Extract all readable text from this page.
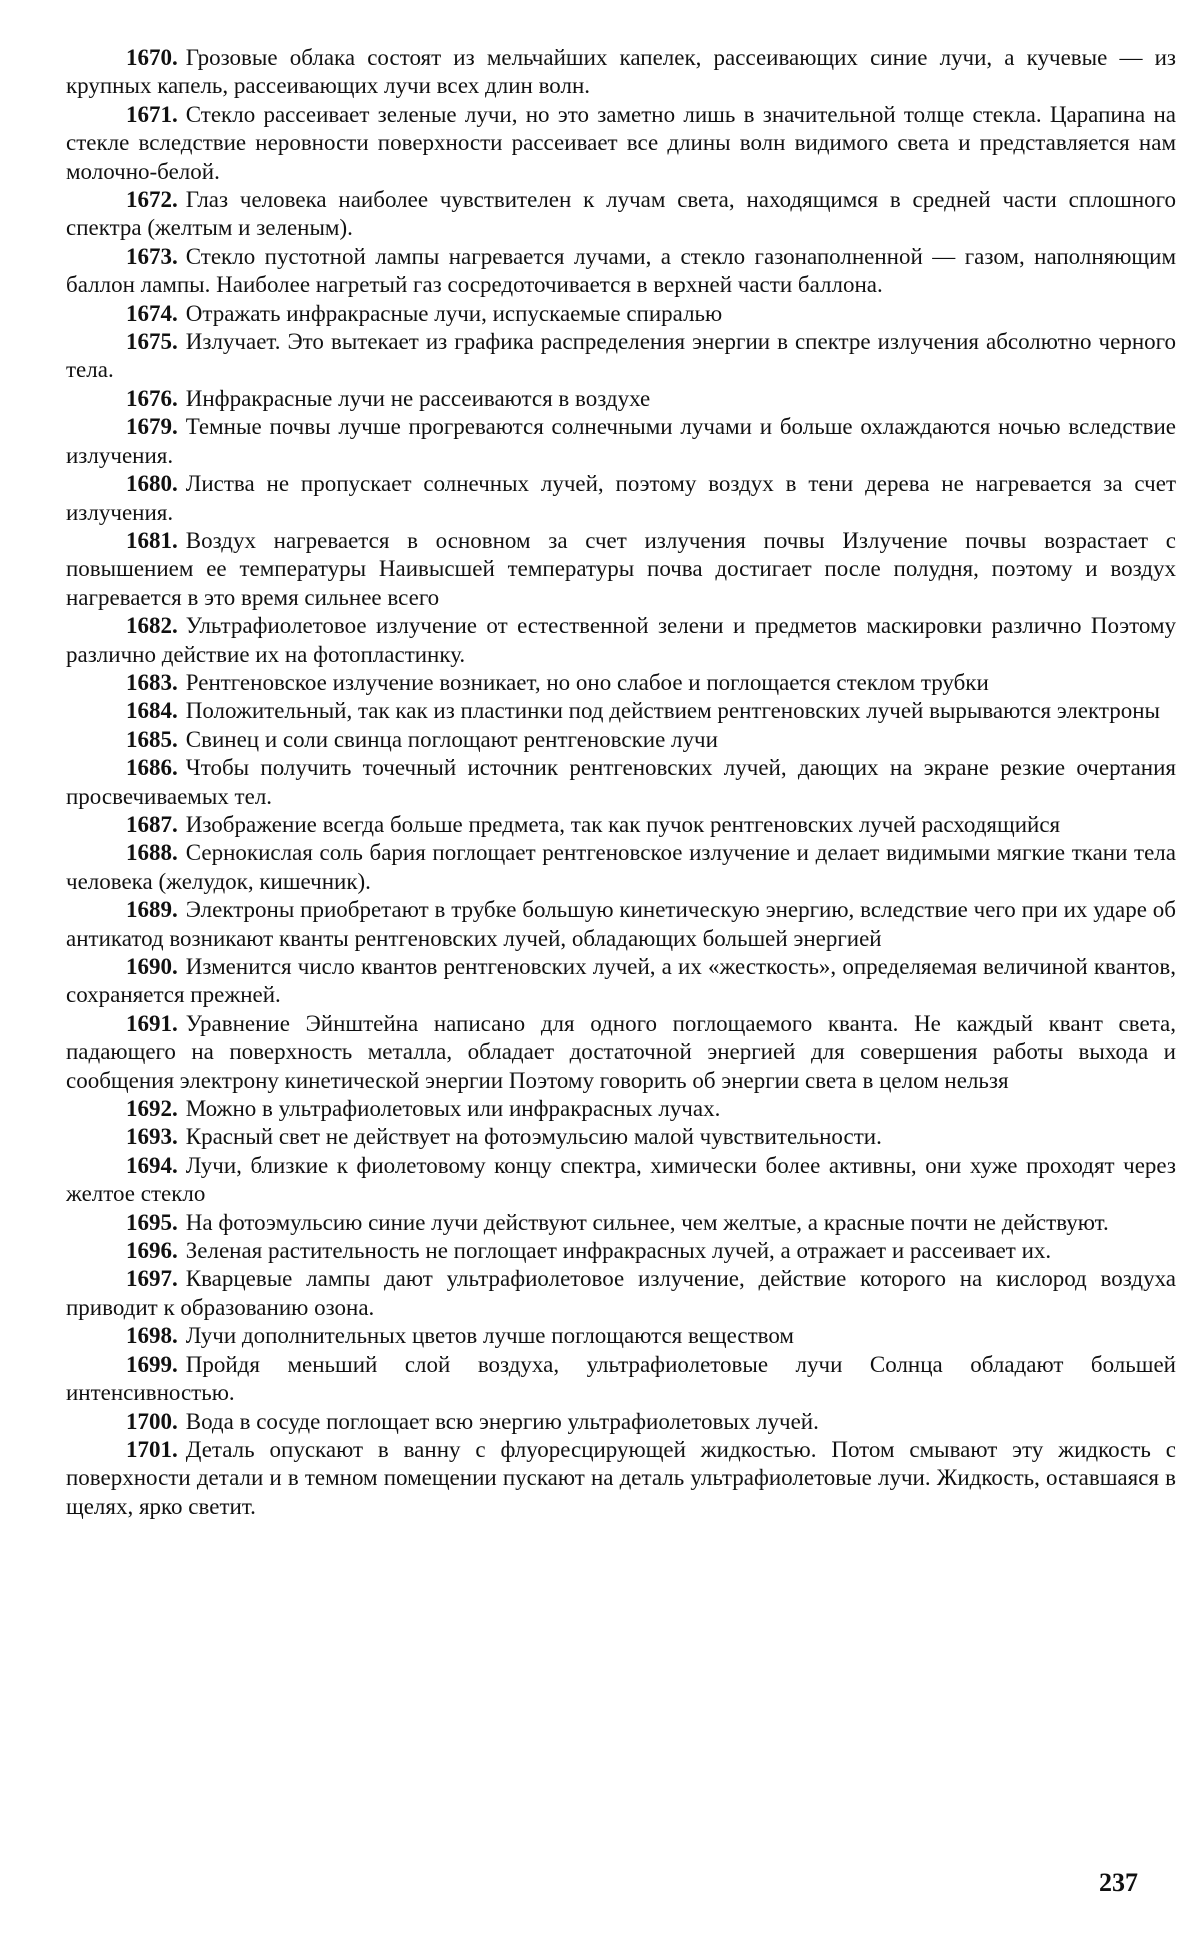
1670. Грозовые облака состоят из мельчайших капелек, рассеивающих синие лучи, а кучевые — из крупных капель, рассеивающих лучи всех длин волн.

1671. Стекло рассеивает зеленые лучи, но это заметно лишь в значительной толще стекла. Царапина на стекле вследствие неровности поверхности рассеивает все длины волн видимого света и представляется нам молочно-белой.

1672. Глаз человека наиболее чувствителен к лучам света, находящимся в средней части сплошного спектра (желтым и зеленым).

1673. Стекло пустотной лампы нагревается лучами, а стекло газонаполненной — газом, наполняющим баллон лампы. Наиболее нагретый газ сосредоточивается в верхней части баллона.

1674. Отражать инфракрасные лучи, испускаемые спиралью

1675. Излучает. Это вытекает из графика распределения энергии в спектре излучения абсолютно черного тела.

1676. Инфракрасные лучи не рассеиваются в воздухе

1679. Темные почвы лучше прогреваются солнечными лучами и больше охлаждаются ночью вследствие излучения.

1680. Листва не пропускает солнечных лучей, поэтому воздух в тени дерева не нагревается за счет излучения.

1681. Воздух нагревается в основном за счет излучения почвы Излучение почвы возрастает с повышением ее температуры Наивысшей температуры почва достигает после полудня, поэтому и воздух нагревается в это время сильнее всего

1682. Ультрафиолетовое излучение от естественной зелени и предметов маскировки различно Поэтому различно действие их на фотопластинку.

1683. Рентгеновское излучение возникает, но оно слабое и поглощается стеклом трубки

1684. Положительный, так как из пластинки под действием рентгеновских лучей вырываются электроны

1685. Свинец и соли свинца поглощают рентгеновские лучи

1686. Чтобы получить точечный источник рентгеновских лучей, дающих на экране резкие очертания просвечиваемых тел.

1687. Изображение всегда больше предмета, так как пучок рентгеновских лучей расходящийся

1688. Сернокислая соль бария поглощает рентгеновское излучение и делает видимыми мягкие ткани тела человека (желудок, кишечник).

1689. Электроны приобретают в трубке большую кинетическую энергию, вследствие чего при их ударе об антикатод возникают кванты рентгеновских лучей, обладающих большей энергией

1690. Изменится число квантов рентгеновских лучей, а их «жесткость», определяемая величиной квантов, сохраняется прежней.

1691. Уравнение Эйнштейна написано для одного поглощаемого кванта. Не каждый квант света, падающего на поверхность металла, обладает достаточной энергией для совершения работы выхода и сообщения электрону кинетической энергии Поэтому говорить об энергии света в целом нельзя

1692. Можно в ультрафиолетовых или инфракрасных лучах.

1693. Красный свет не действует на фотоэмульсию малой чувствительности.

1694. Лучи, близкие к фиолетовому концу спектра, химически более активны, они хуже проходят через желтое стекло

1695. На фотоэмульсию синие лучи действуют сильнее, чем желтые, а красные почти не действуют.

1696. Зеленая растительность не поглощает инфракрасных лучей, а отражает и рассеивает их.

1697. Кварцевые лампы дают ультрафиолетовое излучение, действие которого на кислород воздуха приводит к образованию озона.

1698. Лучи дополнительных цветов лучше поглощаются веществом

1699. Пройдя меньший слой воздуха, ультрафиолетовые лучи Солнца обладают большей интенсивностью.

1700. Вода в сосуде поглощает всю энергию ультрафиолетовых лучей.

1701. Деталь опускают в ванну с флуоресцирующей жидкостью. Потом смывают эту жидкость с поверхности детали и в темном помещении пускают на деталь ультрафиолетовые лучи. Жидкость, оставшаяся в щелях, ярко светит.

237
